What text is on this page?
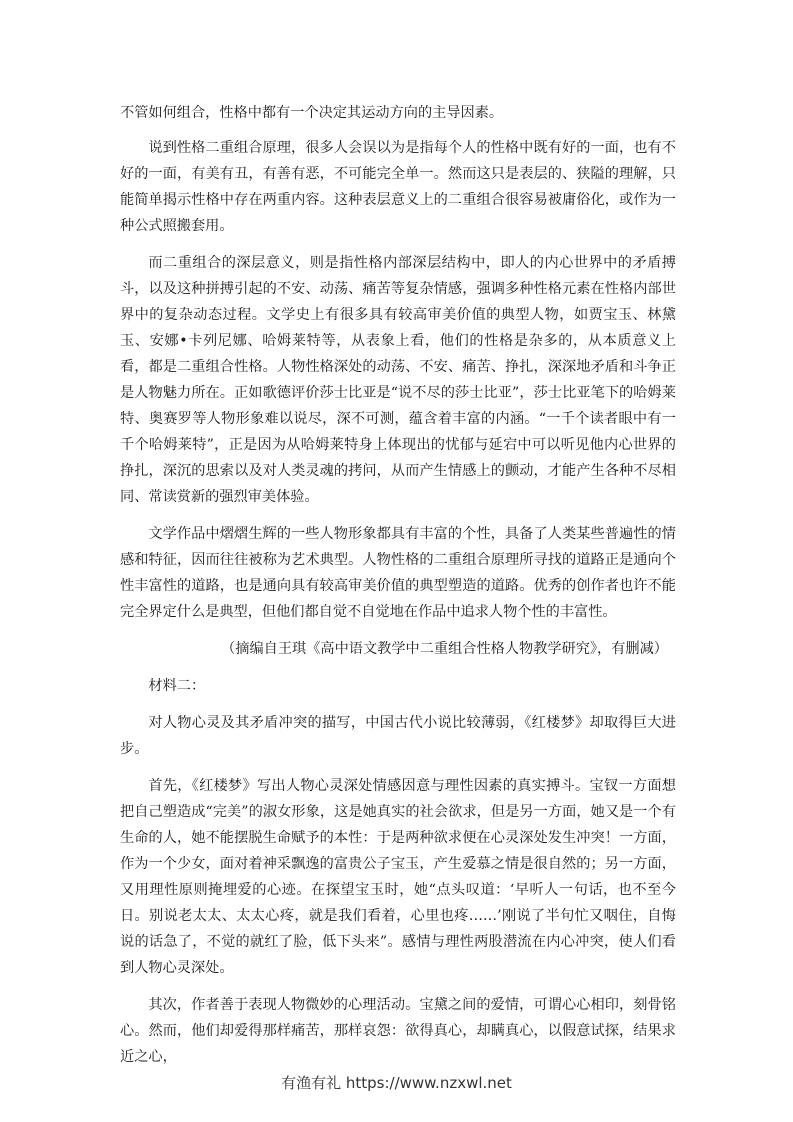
不管如何组合，性格中都有一个决定其运动方向的主导因素。

说到性格二重组合原理，很多人会误以为是指每个人的性格中既有好的一面，也有不好的一面，有美有丑，有善有恶，不可能完全单一。然而这只是表层的、狭隘的理解，只能简单揭示性格中存在两重内容。这种表层意义上的二重组合很容易被庸俗化，或作为一种公式照搬套用。

而二重组合的深层意义，则是指性格内部深层结构中，即人的内心世界中的矛盾搏斗，以及这种拼搏引起的不安、动荡、痛苦等复杂情感，强调多种性格元素在性格内部世界中的复杂动态过程。文学史上有很多具有较高审美价值的典型人物，如贾宝玉、林黛玉、安娜•卡列尼娜、哈姆莱特等，从表象上看，他们的性格是杂多的，从本质意义上看，都是二重组合性格。人物性格深处的动荡、不安、痛苦、挣扎，深深地矛盾和斗争正是人物魅力所在。正如歌德评价莎士比亚是“说不尽的莎士比亚”，莎士比亚笔下的哈姆莱特、奥赛罗等人物形象难以说尽，深不可测，蕴含着丰富的内涵。“一千个读者眼中有一千个哈姆莱特”，正是因为从哈姆莱特身上体现出的忧郁与延宕中可以听见他内心世界的挣扎，深沉的思索以及对人类灵魂的拷问，从而产生情感上的颤动，才能产生各种不尽相同、常读赏新的强烈审美体验。

文学作品中熠熠生辉的一些人物形象都具有丰富的个性，具备了人类某些普遍性的情感和特征，因而往往被称为艺术典型。人物性格的二重组合原理所寻找的道路正是通向个性丰富性的道路，也是通向具有较高审美价值的典型塑造的道路。优秀的创作者也许不能完全界定什么是典型，但他们都自觉不自觉地在作品中追求人物个性的丰富性。

（摘编自王琪《高中语文教学中二重组合性格人物教学研究》，有删减）

材料二：

对人物心灵及其矛盾冲突的描写，中国古代小说比较薄弱，《红楼梦》却取得巨大进步。

首先，《红楼梦》写出人物心灵深处情感因意与理性因素的真实搏斗。宝钗一方面想把自己塑造成“完美”的淑女形象，这是她真实的社会欲求，但是另一方面，她又是一个有生命的人，她不能摆脱生命赋予的本性：于是两种欲求便在心灵深处发生冲突！一方面，作为一个少女，面对着神采飘逸的富贵公子宝玉，产生爱慕之情是很自然的；另一方面，又用理性原则掩埋爱的心迹。在探望宝玉时，她“点头叹道：‘早听人一句话，也不至今日。别说老太太、太太心疼，就是我们看着，心里也疼……’刚说了半句忙又咽住，自悔说的话急了，不觉的就红了脸，低下头来”。感情与理性两股潜流在内心冲突，使人们看到人物心灵深处。

其次，作者善于表现人物微妙的心理活动。宝黛之间的爱情，可谓心心相印，刻骨铭心。然而，他们却爱得那样痛苦，那样哀怨：欲得真心，却瞒真心，以假意试探，结果求近之心，

有渔有礼 https://www.nzxwl.net
